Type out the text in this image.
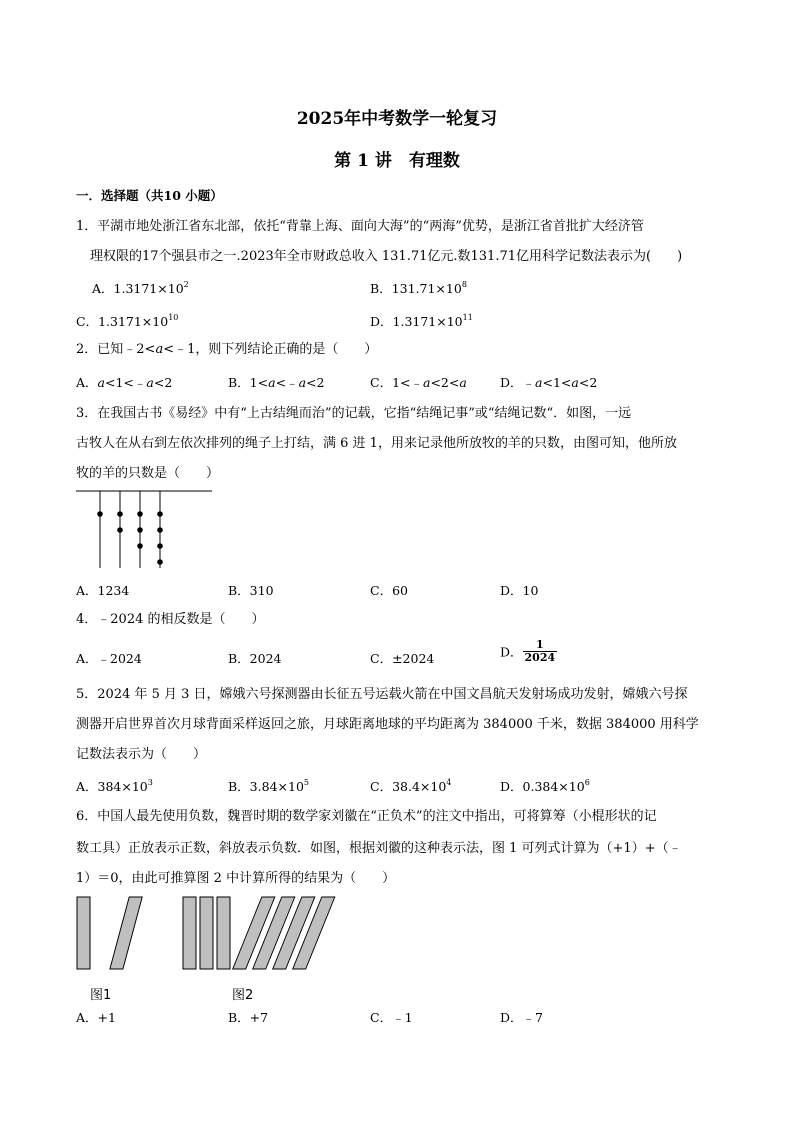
2025年中考数学一轮复习
第 1 讲　有理数
一．选择题（共10 小题）
1．平湖市地处浙江省东北部，依托“背靠上海、面向大海”的“两海”优势，是浙江省首批扩大经济管
理权限的17个强县市之一.2023年全市财政总收入 131.71亿元.数131.71亿用科学记数法表示为(　　)
A．$1.3171\times 10^2$	B．$131.71\times 10^8$
C．$1.3171\times 10^{10}$	D．$1.3171\times 10^{11}$
2．已知﹣2<a<﹣1，则下列结论正确的是（　　）
A．a<1<﹣a<2	B．1<a<﹣a<2	C．1<﹣a<2<a	D．﹣a<1<a<2
3．在我国古书《易经》中有“上古结绳而治”的记载，它指“结绳记事”或“结绳记数“．如图，一远
古牧人在从右到左依次排列的绳子上打结，满 6 进 1，用来记录他所放牧的羊的只数，由图可知，他所放
牧的羊的只数是（　　）
A．1234	B．310	C．60	D．10
4．﹣2024 的相反数是（　　）
A．﹣2024	B．2024	C．±2024	D． $\frac{1}{2024}$
5．2024 年 5 月 3 日，嫦娥六号探测器由长征五号运载火箭在中国文昌航天发射场成功发射，嫦娥六号探
测器开启世界首次月球背面采样返回之旅，月球距离地球的平均距离为 384000 千米，数据 384000 用科学
记数法表示为（　　）
A．$384\times 10^3$	B．$3.84\times 10^5$	C．$38.4\times 10^4$	D．$0.384\times 10^6$
6．中国人最先使用负数，魏晋时期的数学家刘徽在“正负术”的注文中指出，可将算筹（小棍形状的记
数工具）正放表示正数，斜放表示负数．如图，根据刘徽的这种表示法，图 1 可列式计算为（+1）+（﹣
1）＝0，由此可推算图 2 中计算所得的结果为（　　）
图1	图2
A．+1	B．+7	C．﹣1	D．﹣7
